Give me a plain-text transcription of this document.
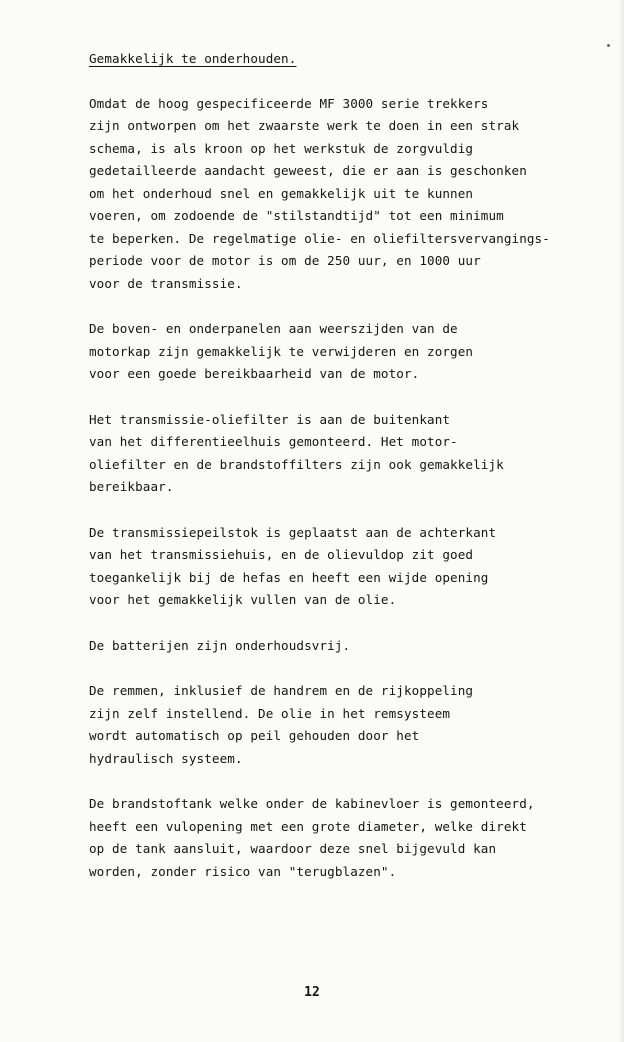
Gemakkelijk te onderhouden.

Omdat de hoog gespecificeerde MF 3000 serie trekkers
zijn ontworpen om het zwaarste werk te doen in een strak
schema, is als kroon op het werkstuk de zorgvuldig
gedetailleerde aandacht geweest, die er aan is geschonken
om het onderhoud snel en gemakkelijk uit te kunnen
voeren, om zodoende de "stilstandtijd" tot een minimum
te beperken. De regelmatige olie- en oliefiltersvervangings-
periode voor de motor is om de 250 uur, en 1000 uur
voor de transmissie.

De boven- en onderpanelen aan weerszijden van de
motorkap zijn gemakkelijk te verwijderen en zorgen
voor een goede bereikbaarheid van de motor.

Het transmissie-oliefilter is aan de buitenkant
van het differentieelhuis gemonteerd. Het motor-
oliefilter en de brandstoffilters zijn ook gemakkelijk
bereikbaar.

De transmissiepeilstok is geplaatst aan de achterkant
van het transmissiehuis, en de olievuldop zit goed
toegankelijk bij de hefas en heeft een wijde opening
voor het gemakkelijk vullen van de olie.

De batterijen zijn onderhoudsvrij.

De remmen, inklusief de handrem en de rijkoppeling
zijn zelf instellend. De olie in het remsysteem
wordt automatisch op peil gehouden door het
hydraulisch systeem.

De brandstoftank welke onder de kabinevloer is gemonteerd,
heeft een vulopening met een grote diameter, welke direkt
op de tank aansluit, waardoor deze snel bijgevuld kan
worden, zonder risico van "terugblazen".

12
